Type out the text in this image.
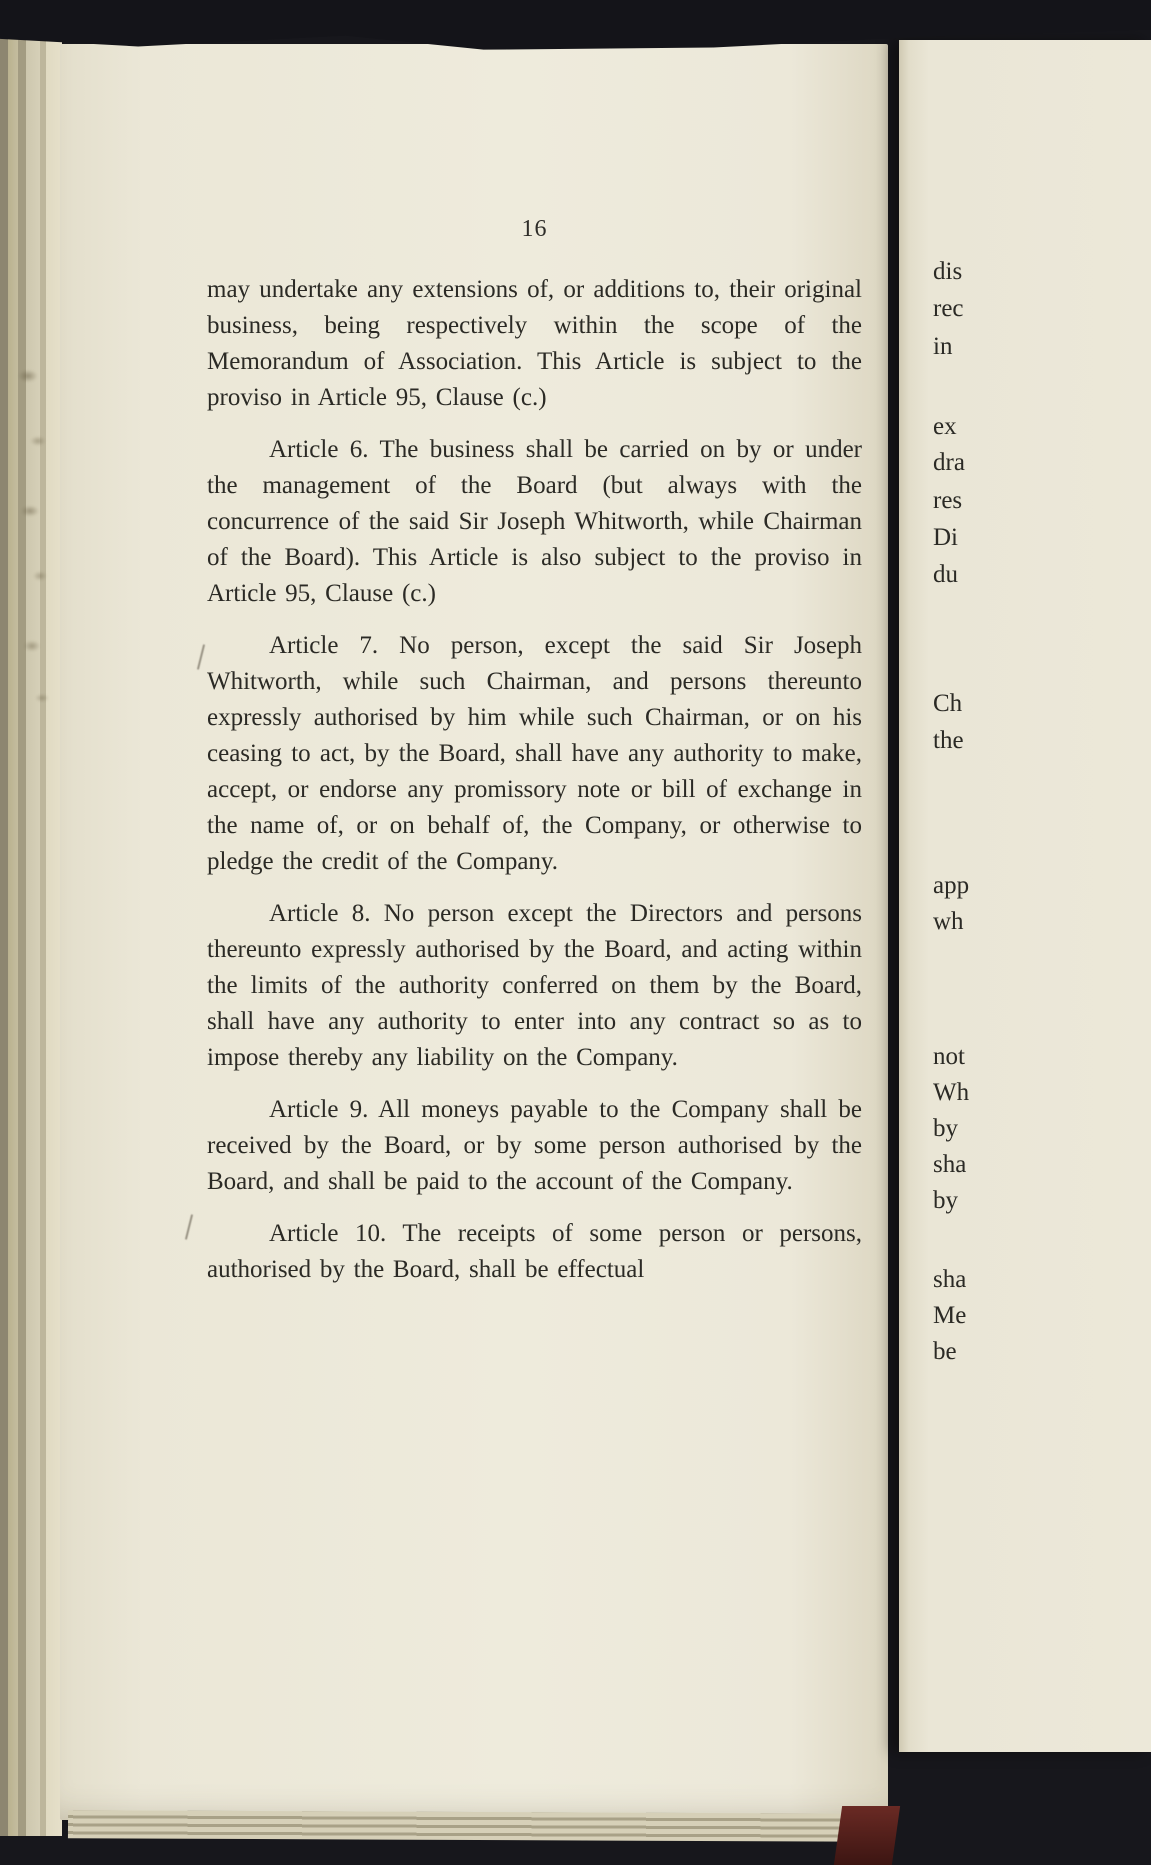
16

may undertake any extensions of, or additions to, their original business, being respectively within the scope of the Memorandum of Association. This Article is subject to the proviso in Article 95, Clause (c.)

Article 6. The business shall be carried on by or under the management of the Board (but always with the concurrence of the said Sir Joseph Whitworth, while Chairman of the Board). This Article is also subject to the proviso in Article 95, Clause (c.)

Article 7. No person, except the said Sir Joseph Whitworth, while such Chairman, and persons thereunto expressly authorised by him while such Chairman, or on his ceasing to act, by the Board, shall have any authority to make, accept, or endorse any promissory note or bill of exchange in the name of, or on behalf of, the Company, or otherwise to pledge the credit of the Company.

Article 8. No person except the Directors and persons thereunto expressly authorised by the Board, and acting within the limits of the authority conferred on them by the Board, shall have any authority to enter into any contract so as to impose thereby any liability on the Company.

Article 9. All moneys payable to the Company shall be received by the Board, or by some person authorised by the Board, and shall be paid to the account of the Company.

Article 10. The receipts of some person or persons, authorised by the Board, shall be effectual

dis
rec
in
ex
dra
res
Di
du
Ch
the
app
wh
not
Wh
by
sha
by
sha
Me
be
